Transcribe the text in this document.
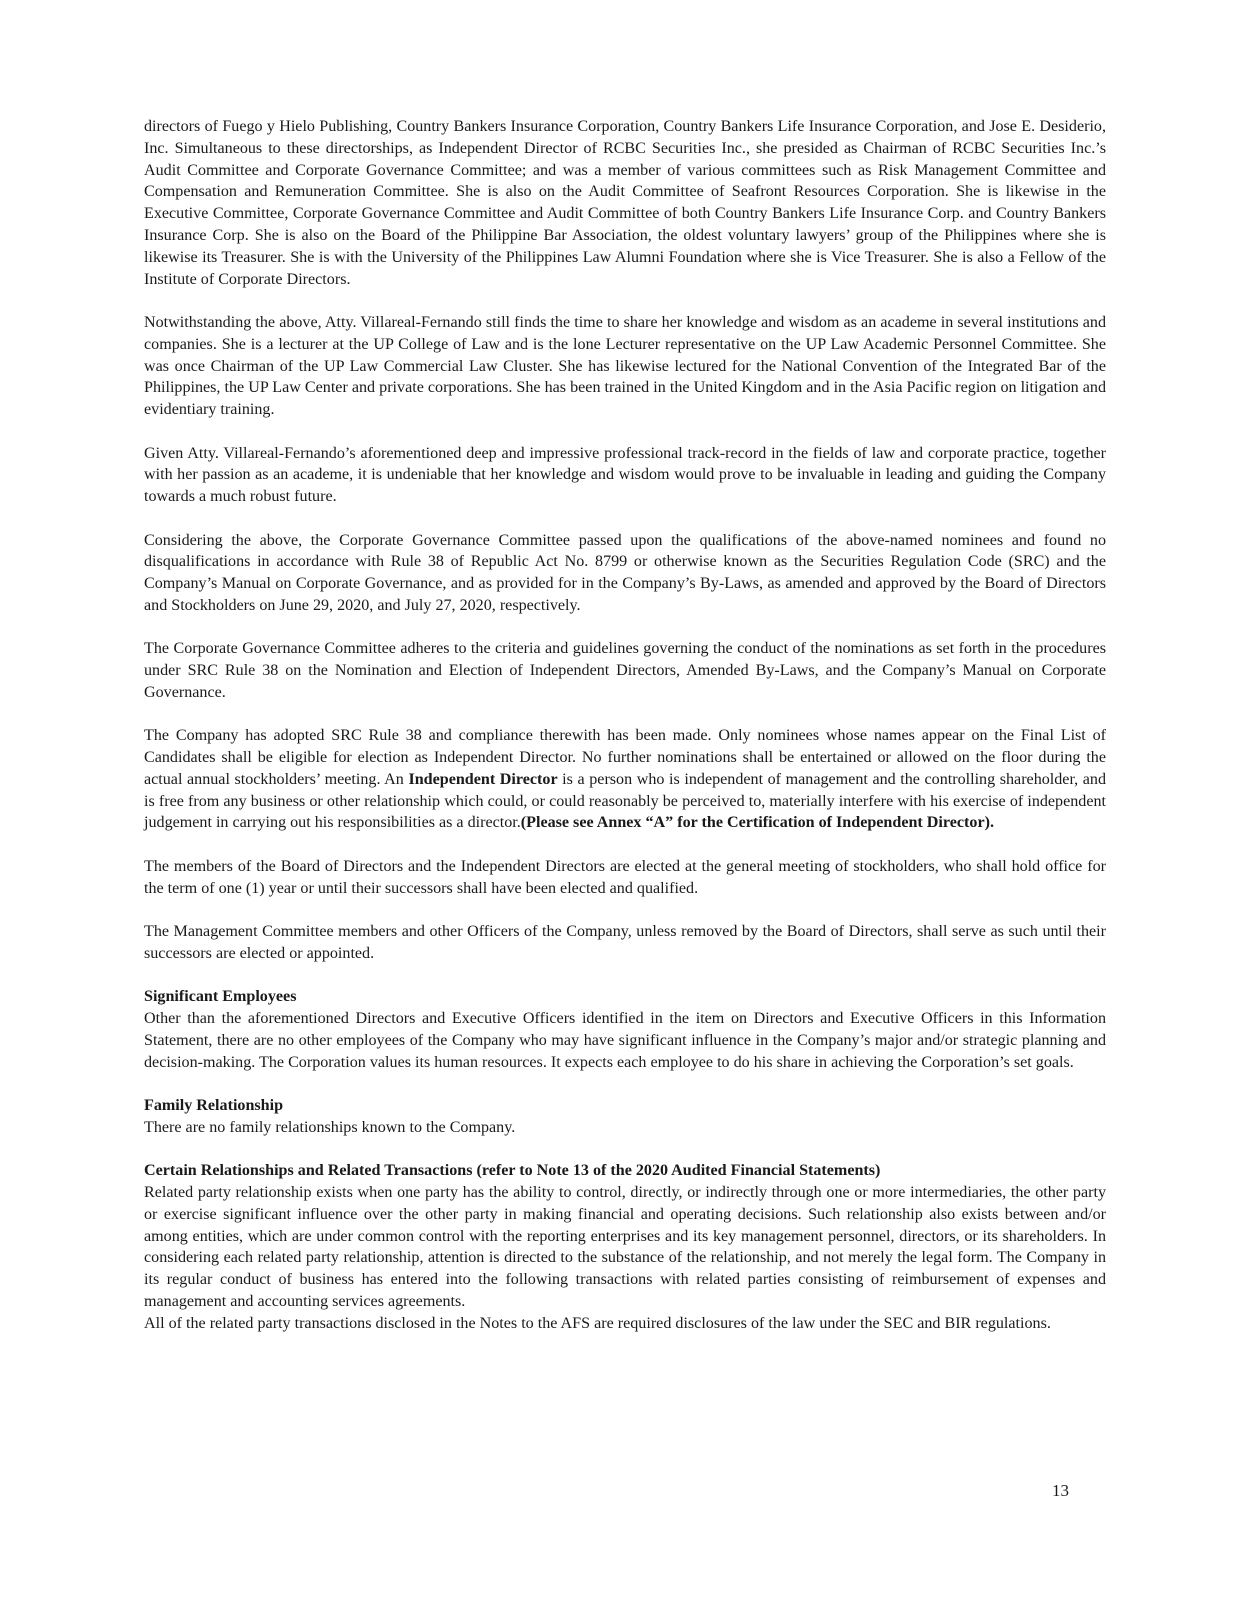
directors of Fuego y Hielo Publishing, Country Bankers Insurance Corporation, Country Bankers Life Insurance Corporation, and Jose E. Desiderio, Inc. Simultaneous to these directorships, as Independent Director of RCBC Securities Inc., she presided as Chairman of RCBC Securities Inc.’s Audit Committee and Corporate Governance Committee; and was a member of various committees such as Risk Management Committee and Compensation and Remuneration Committee. She is also on the Audit Committee of Seafront Resources Corporation. She is likewise in the Executive Committee, Corporate Governance Committee and Audit Committee of both Country Bankers Life Insurance Corp. and Country Bankers Insurance Corp. She is also on the Board of the Philippine Bar Association, the oldest voluntary lawyers’ group of the Philippines where she is likewise its Treasurer. She is with the University of the Philippines Law Alumni Foundation where she is Vice Treasurer. She is also a Fellow of the Institute of Corporate Directors.

Notwithstanding the above, Atty. Villareal-Fernando still finds the time to share her knowledge and wisdom as an academe in several institutions and companies. She is a lecturer at the UP College of Law and is the lone Lecturer representative on the UP Law Academic Personnel Committee. She was once Chairman of the UP Law Commercial Law Cluster. She has likewise lectured for the National Convention of the Integrated Bar of the Philippines, the UP Law Center and private corporations. She has been trained in the United Kingdom and in the Asia Pacific region on litigation and evidentiary training.

Given Atty. Villareal-Fernando’s aforementioned deep and impressive professional track-record in the fields of law and corporate practice, together with her passion as an academe, it is undeniable that her knowledge and wisdom would prove to be invaluable in leading and guiding the Company towards a much robust future.

Considering the above, the Corporate Governance Committee passed upon the qualifications of the above-named nominees and found no disqualifications in accordance with Rule 38 of Republic Act No. 8799 or otherwise known as the Securities Regulation Code (SRC) and the Company’s Manual on Corporate Governance, and as provided for in the Company’s By-Laws, as amended and approved by the Board of Directors and Stockholders on June 29, 2020, and July 27, 2020, respectively.

The Corporate Governance Committee adheres to the criteria and guidelines governing the conduct of the nominations as set forth in the procedures under SRC Rule 38 on the Nomination and Election of Independent Directors, Amended By-Laws, and the Company’s Manual on Corporate Governance.

The Company has adopted SRC Rule 38 and compliance therewith has been made. Only nominees whose names appear on the Final List of Candidates shall be eligible for election as Independent Director. No further nominations shall be entertained or allowed on the floor during the actual annual stockholders’ meeting. An Independent Director is a person who is independent of management and the controlling shareholder, and is free from any business or other relationship which could, or could reasonably be perceived to, materially interfere with his exercise of independent judgement in carrying out his responsibilities as a director.(Please see Annex “A” for the Certification of Independent Director).

The members of the Board of Directors and the Independent Directors are elected at the general meeting of stockholders, who shall hold office for the term of one (1) year or until their successors shall have been elected and qualified.

The Management Committee members and other Officers of the Company, unless removed by the Board of Directors, shall serve as such until their successors are elected or appointed.

Significant Employees

Other than the aforementioned Directors and Executive Officers identified in the item on Directors and Executive Officers in this Information Statement, there are no other employees of the Company who may have significant influence in the Company’s major and/or strategic planning and decision-making. The Corporation values its human resources. It expects each employee to do his share in achieving the Corporation’s set goals.

Family Relationship

There are no family relationships known to the Company.

Certain Relationships and Related Transactions (refer to Note 13 of the 2020 Audited Financial Statements)

Related party relationship exists when one party has the ability to control, directly, or indirectly through one or more intermediaries, the other party or exercise significant influence over the other party in making financial and operating decisions. Such relationship also exists between and/or among entities, which are under common control with the reporting enterprises and its key management personnel, directors, or its shareholders. In considering each related party relationship, attention is directed to the substance of the relationship, and not merely the legal form. The Company in its regular conduct of business has entered into the following transactions with related parties consisting of reimbursement of expenses and management and accounting services agreements.

All of the related party transactions disclosed in the Notes to the AFS are required disclosures of the law under the SEC and BIR regulations.

13
